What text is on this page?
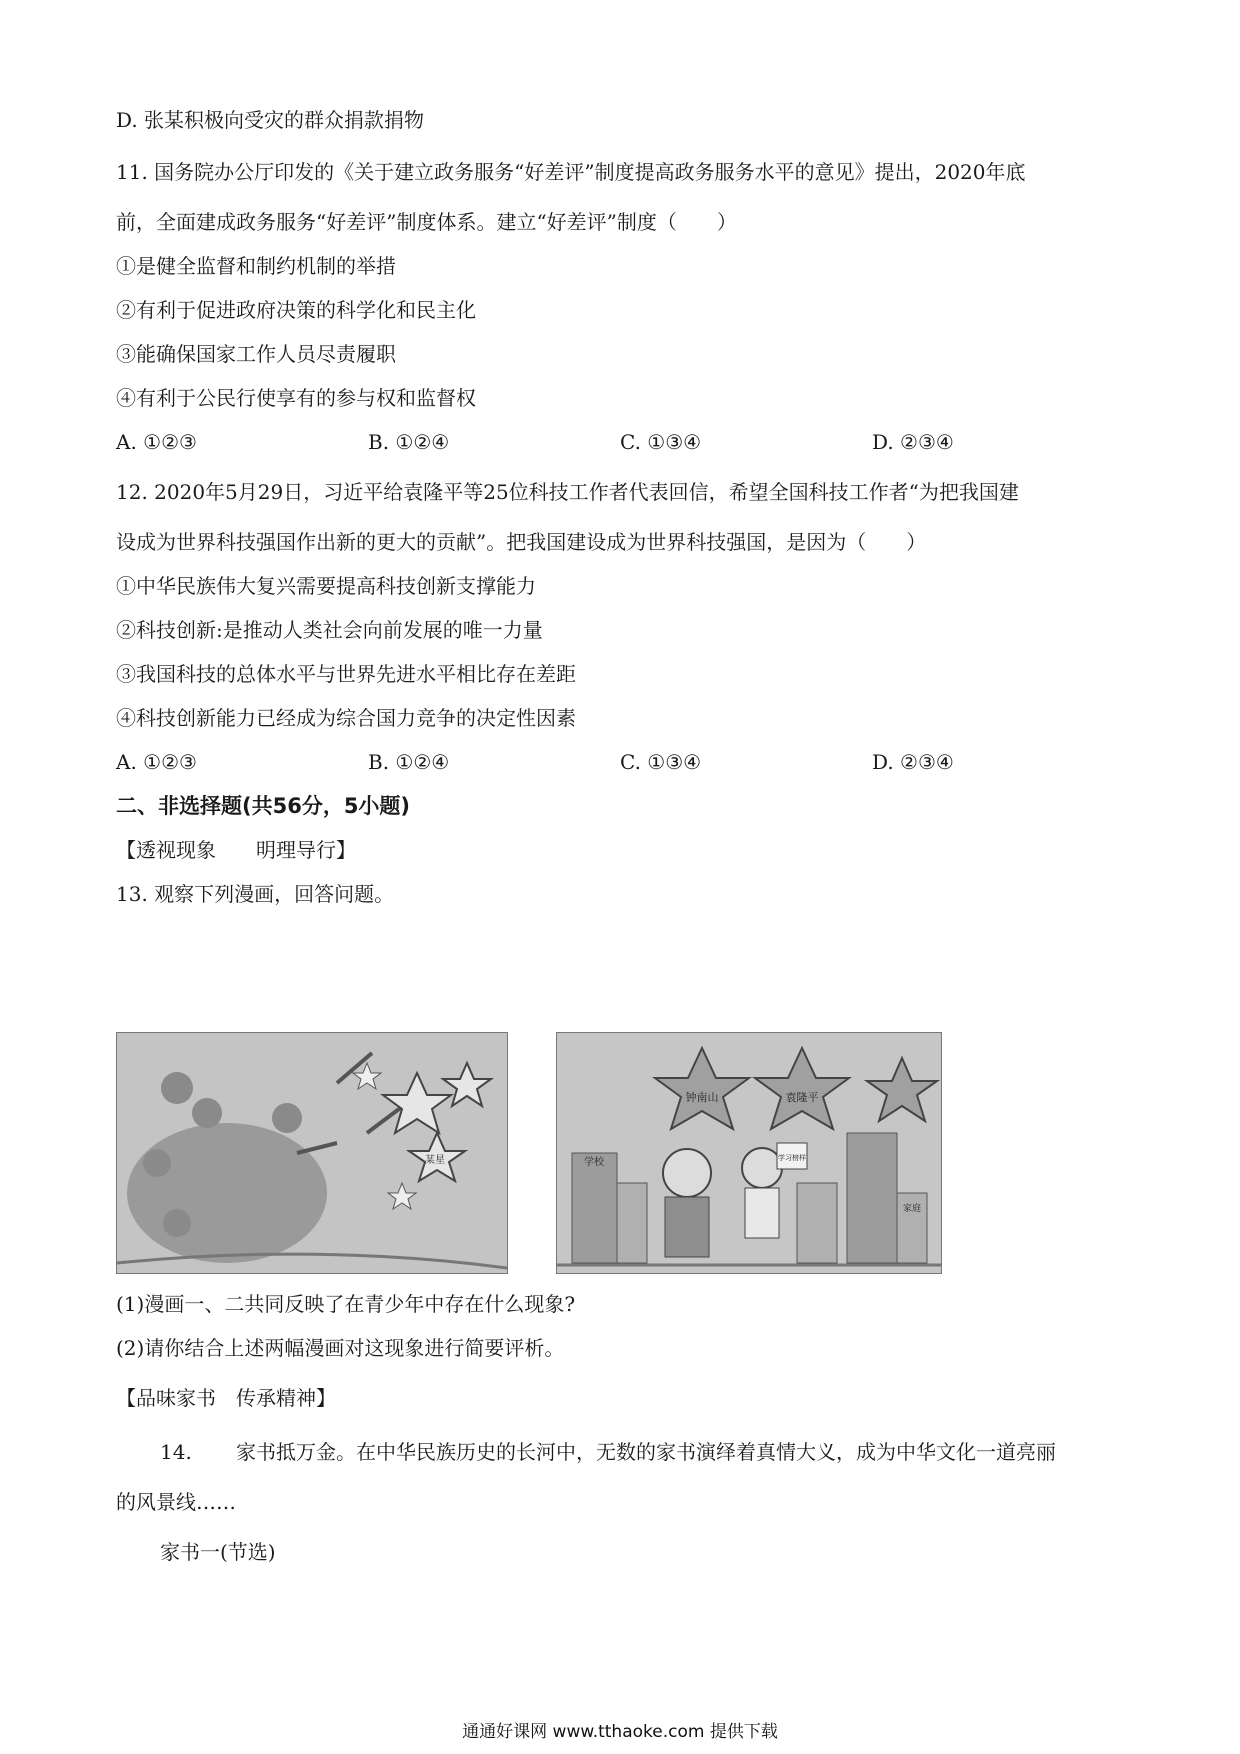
D. 张某积极向受灾的群众捐款捐物
11. 国务院办公厅印发的《关于建立政务服务“好差评”制度提高政务服务水平的意见》提出，2020年底
前，全面建成政务服务“好差评”制度体系。建立“好差评”制度（　　）
①是健全监督和制约机制的举措
②有利于促进政府决策的科学化和民主化
③能确保国家工作人员尽责履职
④有利于公民行使享有的参与权和监督权
A. ①②③	B. ①②④	C. ①③④	D. ②③④
12. 2020年5月29日，习近平给袁隆平等25位科技工作者代表回信，希望全国科技工作者“为把我国建
设成为世界科技强国作出新的更大的贡献”。把我国建设成为世界科技强国，是因为（　　）
①中华民族伟大复兴需要提高科技创新支撑能力
②科技创新:是推动人类社会向前发展的唯一力量
③我国科技的总体水平与世界先进水平相比存在差距
④科技创新能力已经成为综合国力竞争的决定性因素
A. ①②③	B. ①②④	C. ①③④	D. ②③④
二、非选择题(共56分，5小题)
【透视现象　　明理导行】
13. 观察下列漫画，回答问题。
某星
钟南山	袁隆平
学校
家庭
学习榜样
(1)漫画一、二共同反映了在青少年中存在什么现象?
(2)请你结合上述两幅漫画对这现象进行简要评析。
【品味家书　传承精神】
14. 家书抵万金。在中华民族历史的长河中，无数的家书演绎着真情大义，成为中华文化一道亮丽
的风景线……
家书一(节选)
通通好课网 www.tthaoke.com 提供下载
